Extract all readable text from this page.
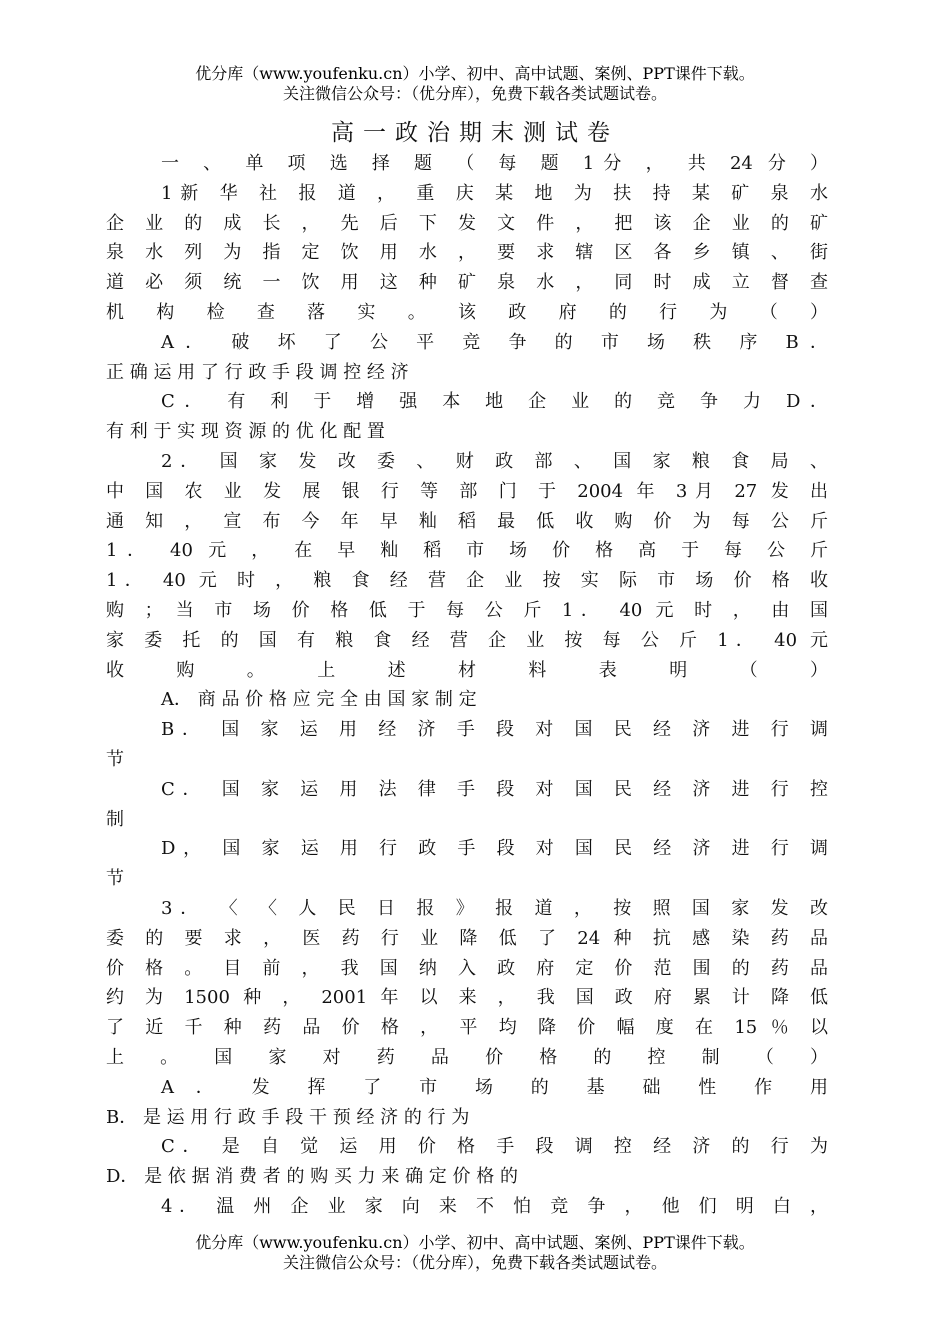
优分库（www.youfenku.cn）小学、初中、高中试题、案例、PPT课件下载。
关注微信公众号：（优分库），免费下载各类试题试卷。
高一政治期末测试卷
一 、 单 项 选 择 题 （ 每 题 1分 ， 共 24 分 ）
1新 华 社 报 道 ， 重 庆 某 地 为 扶 持 某 矿 泉 水
企 业 的 成 长 ， 先 后 下 发 文 件 ， 把 该 企 业 的 矿
泉 水 列 为 指 定 饮 用 水 ， 要 求 辖 区 各 乡 镇 、 街
道 必 须 统 一 饮 用 这 种 矿 泉 水 ， 同 时 成 立 督 查
机 构 检 查 落 实 。 该 政 府 的 行 为 （ ）
A． 破 坏 了 公 平 竞 争 的 市 场 秩 序 B．
正 确 运 用 了 行 政 手 段 调 控 经 济
C． 有 利 于 增 强 本 地 企 业 的 竞 争 力 D．
有 利 于 实 现 资 源 的 优 化 配 置
2． 国 家 发 改 委 、 财 政 部 、 国 家 粮 食 局 、
中 国 农 业 发 展 银 行 等 部 门 于 2004 年 3月 27 发 出
通 知 ， 宣 布 今 年 早 籼 稻 最 低 收 购 价 为 每 公 斤
1． 40 元 ， 在 早 籼 稻 市 场 价 格 高 于 每 公 斤
1． 40 元 时 ， 粮 食 经 营 企 业 按 实 际 市 场 价 格 收
购 ； 当 市 场 价 格 低 于 每 公 斤 1． 40 元 时 ， 由 国
家 委 托 的 国 有 粮 食 经 营 企 业 按 每 公 斤 1． 40 元
收 购 。 上 述 材 料 表 明 （ ）
A． 商 品 价 格 应 完 全 由 国 家 制 定
B． 国 家 运 用 经 济 手 段 对 国 民 经 济 进 行 调
节
C． 国 家 运 用 法 律 手 段 对 国 民 经 济 进 行 控
制
D， 国 家 运 用 行 政 手 段 对 国 民 经 济 进 行 调
节
3． 〈 〈 人 民 日 报 》 报 道 ， 按 照 国 家 发 改
委 的 要 求 ， 医 药 行 业 降 低 了 24 种 抗 感 染 药 品
价 格 。 目 前 ， 我 国 纳 入 政 府 定 价 范 围 的 药 品
约 为 1500 种 ， 2001 年 以 来 ， 我 国 政 府 累 计 降 低
了 近 千 种 药 品 价 格 ， 平 均 降 价 幅 度 在 15 ％ 以
上 。 国 家 对 药 品 价 格 的 控 制 （ ）
A ． 发 挥 了 市 场 的 基 础 性 作 用
B． 是 运 用 行 政 手 段 干 预 经 济 的 行 为
C． 是 自 觉 运 用 价 格 手 段 调 控 经 济 的 行 为
D． 是 依 据 消 费 者 的 购 买 力 来 确 定 价 格 的
4． 温 州 企 业 家 向 来 不 怕 竞 争 ， 他 们 明 白 ，
优分库（www.youfenku.cn）小学、初中、高中试题、案例、PPT课件下载。
关注微信公众号：（优分库），免费下载各类试题试卷。
